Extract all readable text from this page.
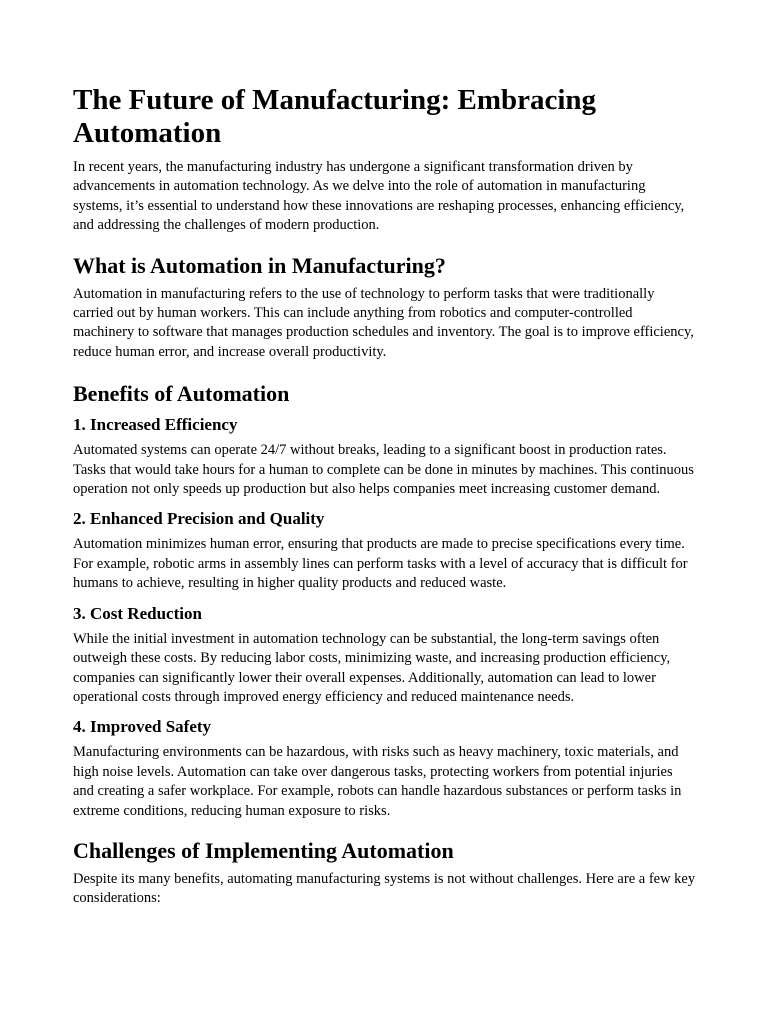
The Future of Manufacturing: Embracing Automation

In recent years, the manufacturing industry has undergone a significant transformation driven by advancements in automation technology. As we delve into the role of automation in manufacturing systems, it’s essential to understand how these innovations are reshaping processes, enhancing efficiency, and addressing the challenges of modern production.

What is Automation in Manufacturing?

Automation in manufacturing refers to the use of technology to perform tasks that were traditionally carried out by human workers. This can include anything from robotics and computer-controlled machinery to software that manages production schedules and inventory. The goal is to improve efficiency, reduce human error, and increase overall productivity.

Benefits of Automation
1. Increased Efficiency

Automated systems can operate 24/7 without breaks, leading to a significant boost in production rates. Tasks that would take hours for a human to complete can be done in minutes by machines. This continuous operation not only speeds up production but also helps companies meet increasing customer demand.

2. Enhanced Precision and Quality

Automation minimizes human error, ensuring that products are made to precise specifications every time. For example, robotic arms in assembly lines can perform tasks with a level of accuracy that is difficult for humans to achieve, resulting in higher quality products and reduced waste.

3. Cost Reduction

While the initial investment in automation technology can be substantial, the long-term savings often outweigh these costs. By reducing labor costs, minimizing waste, and increasing production efficiency, companies can significantly lower their overall expenses. Additionally, automation can lead to lower operational costs through improved energy efficiency and reduced maintenance needs.

4. Improved Safety

Manufacturing environments can be hazardous, with risks such as heavy machinery, toxic materials, and high noise levels. Automation can take over dangerous tasks, protecting workers from potential injuries and creating a safer workplace. For example, robots can handle hazardous substances or perform tasks in extreme conditions, reducing human exposure to risks.

Challenges of Implementing Automation

Despite its many benefits, automating manufacturing systems is not without challenges. Here are a few key considerations:
